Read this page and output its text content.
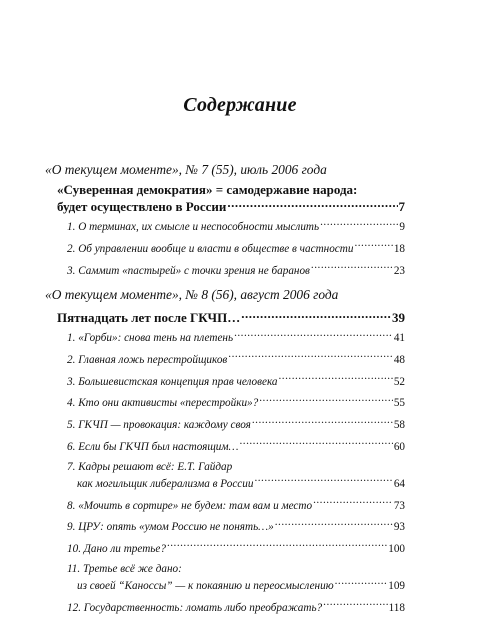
Содержание
«О текущем моменте», № 7 (55), июль 2006 года
«Суверенная демократия» = самодержавие народа:
будет осуществлено в России .....	7
1. О терминах, их смысле и неспособности мыслить .....	9
2. Об управлении вообще и власти в обществе в частности .....	18
3. Саммит «пастырей» с точки зрения не баранов .....	23
«О текущем моменте», № 8 (56), август 2006 года
Пятнадцать лет после ГКЧП… .....	39
1. «Горби»: снова тень на плетень .....	41
2. Главная ложь перестройщиков .....	48
3. Большевистская концепция прав человека .....	52
4. Кто они активисты «перестройки»? .....	55
5. ГКЧП — провокация: каждому своя .....	58
6. Если бы ГКЧП был настоящим… .....	60
7. Кадры решают всё: Е.Т. Гайдар
как могильщик либерализма в России .....	64
8. «Мочить в сортире» не будем: там вам и место .....	73
9. ЦРУ: опять «умом Россию не понять…» .....	93
10. Дано ли третье? .....	100
11. Третье всё же дано:
из своей “Каноссы” — к покаянию и переосмыслению .....	109
12. Государственность: ломать либо преображать? .....	118
